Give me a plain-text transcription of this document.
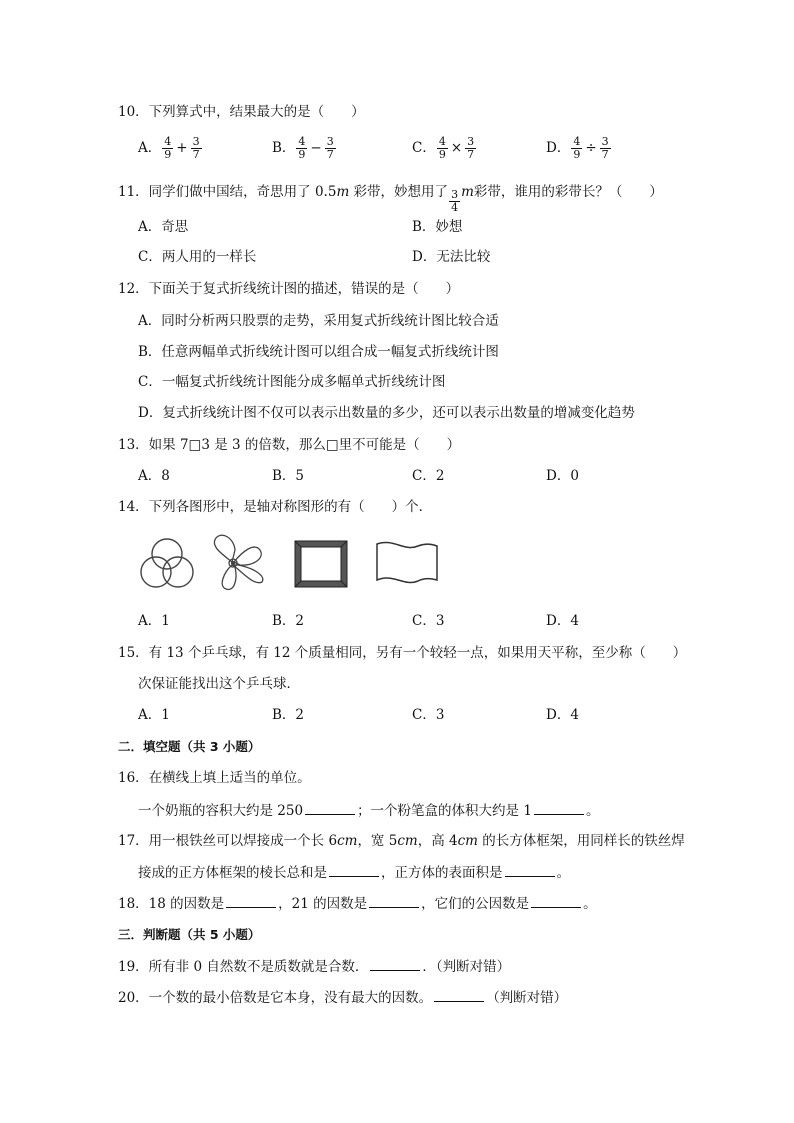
10．下列算式中，结果最大的是（　　）
A． $\frac{4}{9} + \frac{3}{7}$	B． $\frac{4}{9} - \frac{3}{7}$	C． $\frac{4}{9} \times \frac{3}{7}$	D． $\frac{4}{9} \div \frac{3}{7}$
11．同学们做中国结，奇思用了 0.5m 彩带，妙想用了 $\frac{3}{4}$ m彩带，谁用的彩带长？（　　）
A．奇思	B．妙想
C．两人用的一样长	D．无法比较
12．下面关于复式折线统计图的描述，错误的是（　　）
A．同时分析两只股票的走势，采用复式折线统计图比较合适
B．任意两幅单式折线统计图可以组合成一幅复式折线统计图
C．一幅复式折线统计图能分成多幅单式折线统计图
D．复式折线统计图不仅可以表示出数量的多少，还可以表示出数量的增减变化趋势
13．如果 7□3 是 3 的倍数，那么□里不可能是（　　）
A．8	B．5	C．2	D．0
14．下列各图形中，是轴对称图形的有（　　）个．
A．1	B．2	C．3	D．4
15．有 13 个乒乓球，有 12 个质量相同，另有一个较轻一点，如果用天平称，至少称（　　）
次保证能找出这个乒乓球．
A．1	B．2	C．3	D．4
二．填空题（共 3 小题）
16．在横线上填上适当的单位。
一个奶瓶的容积大约是 250	；一个粉笔盒的体积大约是 1	。
17．用一根铁丝可以焊接成一个长 6cm，宽 5cm，高 4cm 的长方体框架，用同样长的铁丝焊
接成的正方体框架的棱长总和是	，正方体的表面积是	。
18．18 的因数是	，21 的因数是	，它们的公因数是	。
三．判断题（共 5 小题）
19．所有非 0 自然数不是质数就是合数．	．（判断对错）
20．一个数的最小倍数是它本身，没有最大的因数。	（判断对错）
